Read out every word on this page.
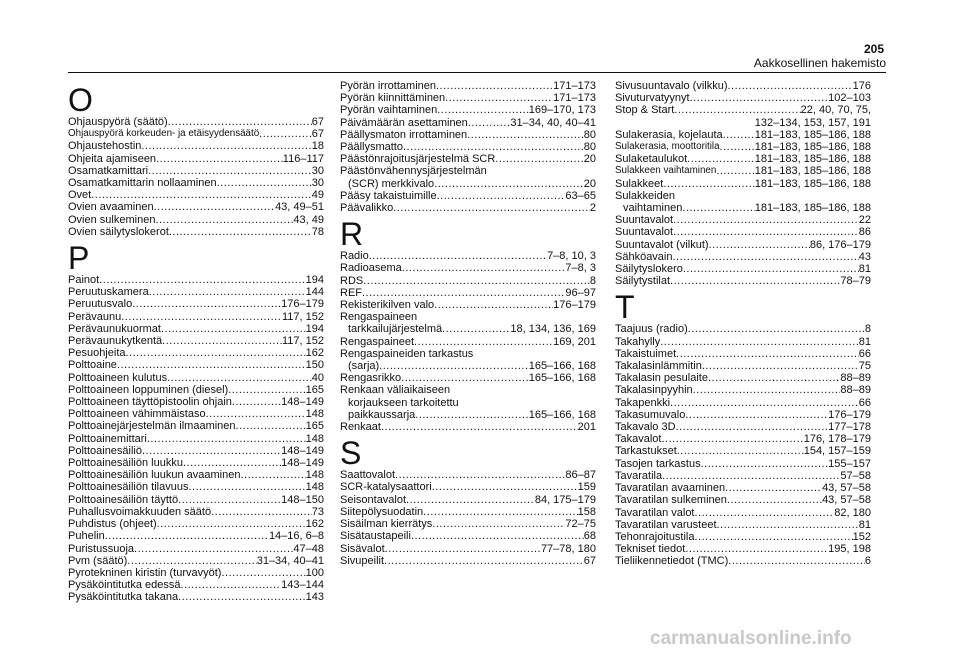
205
Aakkosellinen hakemisto
O
Ohjauspyörä (säätö) .....	67
Ohjauspyörä korkeuden- ja etäisyydensäätö .....	67
Ohjaustehostin .....	18
Ohjeita ajamiseen .....	116–117
Osamatkamittari .....	30
Osamatkamittarin nollaaminen .....	30
Ovet .....	49
Ovien avaaminen .....	43, 49–51
Ovien sulkeminen .....	43, 49
Ovien säilytyslokerot .....	78
P
Painot .....	194
Peruutuskamera .....	144
Peruutusvalo .....	176–179
Perävaunu .....	117, 152
Perävaunukuormat .....	194
Perävaunukytkentä .....	117, 152
Pesuohjeita .....	162
Polttoaine .....	150
Polttoaineen kulutus .....	40
Polttoaineen loppuminen (diesel) .....	165
Polttoaineen täyttöpistoolin ohjain .....	148–149
Polttoaineen vähimmäistaso .....	148
Polttoainejärjestelmän ilmaaminen .....	165
Polttoainemittari .....	148
Polttoainesäiliö .....	148–149
Polttoainesäiliön luukku .....	148–149
Polttoainesäiliön luukun avaaminen .....	148
Polttoainesäiliön tilavuus .....	148
Polttoainesäiliön täyttö .....	148–150
Puhallusvoimakkuuden säätö .....	73
Puhdistus (ohjeet) .....	162
Puhelin .....	14–16, 6–8
Puristussuoja .....	47–48
Pvm (säätö) .....	31–34, 40–41
Pyrotekninen kiristin (turvavyöt) .....	100
Pysäköintitutka edessä .....	143–144
Pysäköintitutka takana .....	143
Pyörän irrottaminen .....	171–173
Pyörän kiinnittäminen .....	171–173
Pyörän vaihtaminen .....	169–170, 173
Päivämäärän asettaminen .....	31–34, 40, 40–41
Päällysmaton irrottaminen .....	80
Päällysmatto .....	80
Päästönrajoitusjärjestelmä SCR .....	20
Päästönvähennysjärjestelmän
(SCR) merkkivalo .....	20
Pääsy takaistuimille .....	63–65
Päävalikko .....	2
R
Radio .....	7–8, 10, 3
Radioasema .....	7–8, 3
RDS .....	8
REF .....	96–97
Rekisterikilven valo .....	176–179
Rengaspaineen
tarkkailujärjestelmä .....	18, 134, 136, 169
Rengaspaineet .....	169, 201
Rengaspaineiden tarkastus
(sarja) .....	165–166, 168
Rengasrikko .....	165–166, 168
Renkaan väliaikaiseen
korjaukseen tarkoitettu
paikkaussarja .....	165–166, 168
Renkaat .....	201
S
Saattovalot .....	86–87
SCR-katalysaattori .....	159
Seisontavalot .....	84, 175–179
Siitepölysuodatin .....	158
Sisäilman kierrätys .....	72–75
Sisätaustapeili .....	68
Sisävalot .....	77–78, 180
Sivupeilit .....	67
Sivusuuntavalo (vilkku) .....	176
Sivuturvatyynyt .....	102–103
Stop & Start .....	22, 40, 70, 75,
132–134, 153, 157, 191
Sulakerasia, kojelauta .....	181–183, 185–186, 188
Sulakerasia, moottoritila .....	181–183, 185–186, 188
Sulaketaulukot .....	181–183, 185–186, 188
Sulakkeen vaihtaminen .....	181–183, 185–186, 188
Sulakkeet .....	181–183, 185–186, 188
Sulakkeiden
vaihtaminen .....	181–183, 185–186, 188
Suuntavalot .....	22
Suuntavalot .....	86
Suuntavalot (vilkut) .....	86, 176–179
Sähköavain .....	43
Säilytyslokero .....	81
Säilytystilat .....	78–79
T
Taajuus (radio) .....	8
Takahylly .....	81
Takaistuimet .....	66
Takalasinlämmitin .....	75
Takalasin pesulaite .....	88–89
Takalasinpyyhin .....	88–89
Takapenkki .....	66
Takasumuvalo .....	176–179
Takavalo 3D .....	177–178
Takavalot .....	176, 178–179
Tarkastukset .....	154, 157–159
Tasojen tarkastus .....	155–157
Tavaratila .....	57–58
Tavaratilan avaaminen .....	43, 57–58
Tavaratilan sulkeminen .....	43, 57–58
Tavaratilan valot .....	82, 180
Tavaratilan varusteet .....	81
Tehonrajoitustila .....	152
Tekniset tiedot .....	195, 198
Tieliikennetiedot (TMC) .....	6
carmanualsonline.info
